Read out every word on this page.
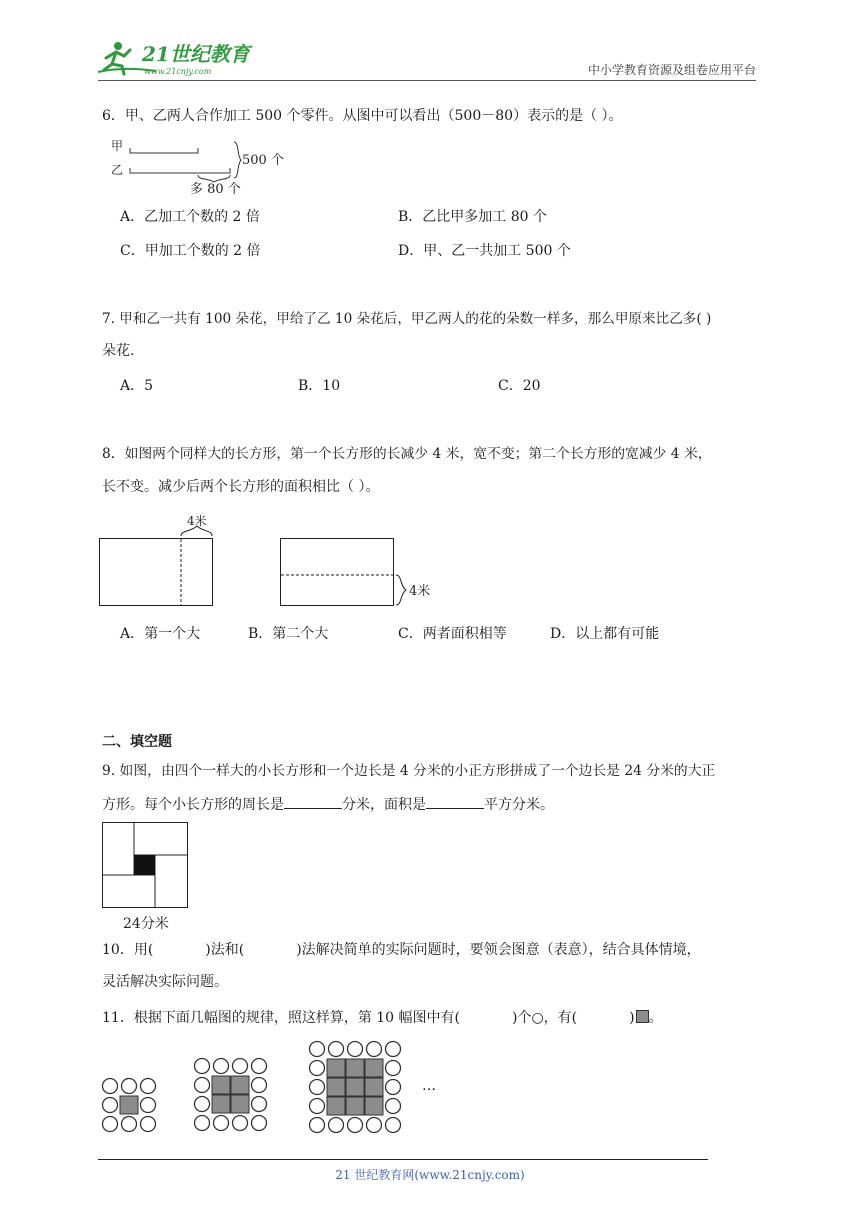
21世纪教育
www.21cnjy.com	中小学教育资源及组卷应用平台
6．甲、乙两人合作加工 500 个零件。从图中可以看出（500－80）表示的是（ ）。
甲
乙
500 个
多 80 个
A．乙加工个数的 2 倍	B．乙比甲多加工 80 个
C．甲加工个数的 2 倍	D．甲、乙一共加工 500 个
7. 甲和乙一共有 100 朵花，甲给了乙 10 朵花后，甲乙两人的花的朵数一样多，那么甲原来比乙多( )
朵花.
A．5	B．10	C．20
8．如图两个同样大的长方形，第一个长方形的长减少 4 米，宽不变；第二个长方形的宽减少 4 米，
长不变。减少后两个长方形的面积相比（ ）。
4米
4米
A．第一个大	B．第二个大	C．两者面积相等	D．以上都有可能
二、填空题
9. 如图，由四个一样大的小长方形和一个边长是 4 分米的小正方形拼成了一个边长是 24 分米的大正
方形。每个小长方形的周长是	分米，面积是	平方分米。
24分米
10．用(	)法和(	)法解决简单的实际问题时，要领会图意（表意），结合具体情境，
灵活解决实际问题。
11．根据下面几幅图的规律，照这样算，第 10 幅图中有(	)个○，有(	) 。
…
21 世纪教育网(www.21cnjy.com)
